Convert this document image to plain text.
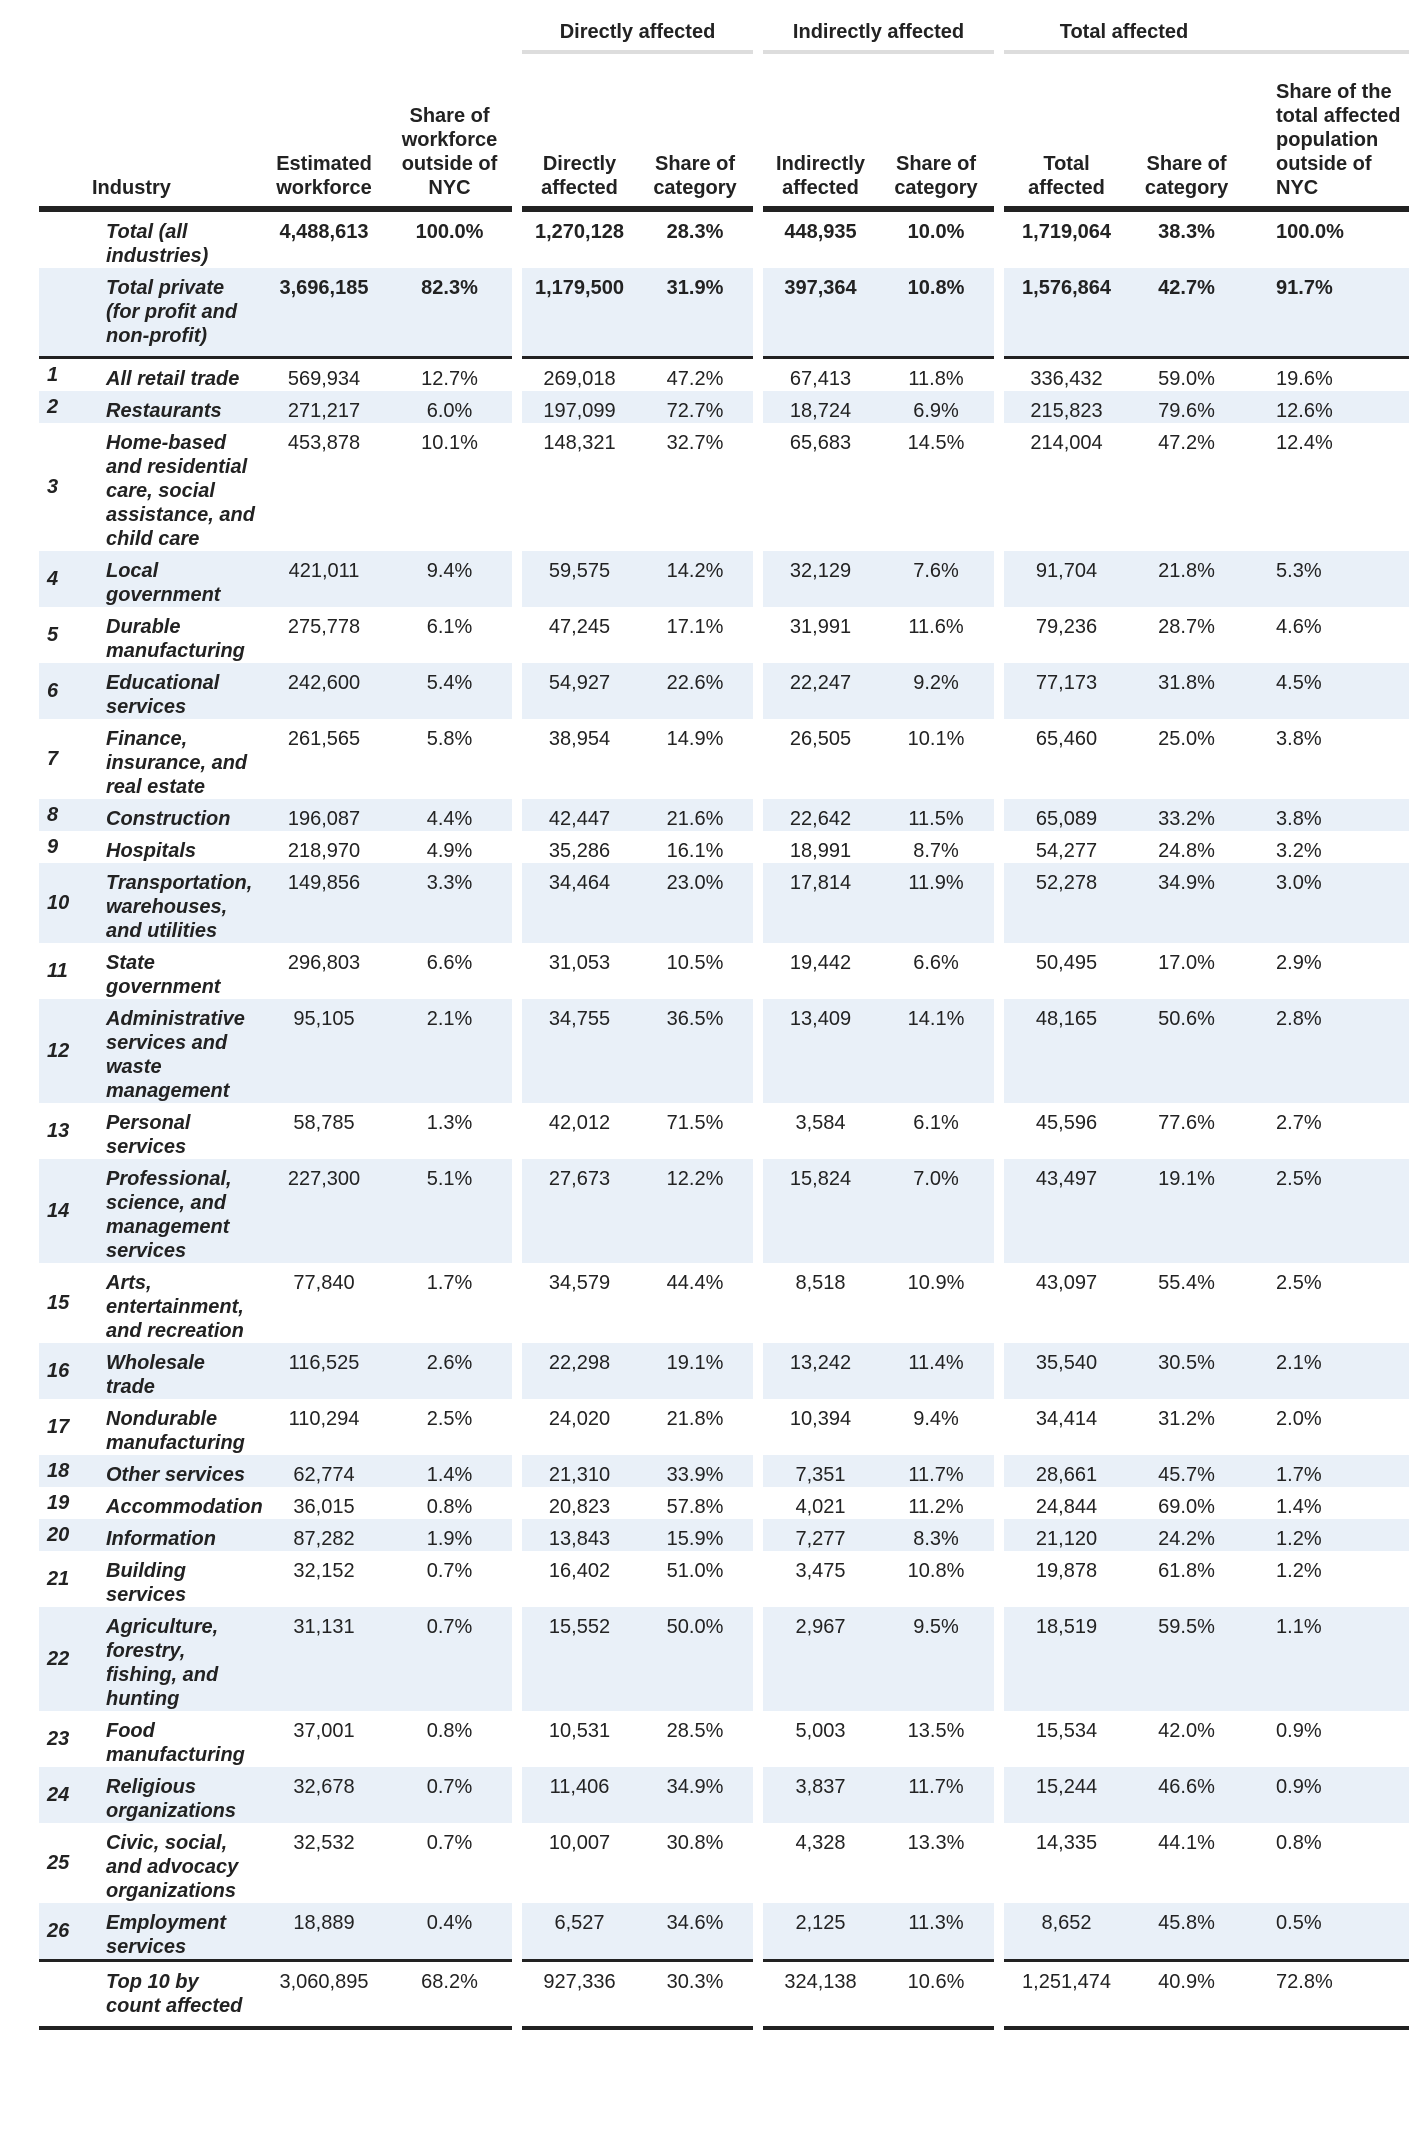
					Directly affected			Indirectly affected			Total affected		
	Industry	Estimated workforce	Share of workforce outside of NYC		Directly affected	Share of category		Indirectly affected	Share of category		Total affected	Share of category	Share of the total affected population outside of NYC
	Total (all industries)	4,488,613	100.0%		1,270,128	28.3%		448,935	10.0%		1,719,064	38.3%	100.0%
	Total private (for profit and non-profit)	3,696,185	82.3%		1,179,500	31.9%		397,364	10.8%		1,576,864	42.7%	91.7%
1	All retail trade	569,934	12.7%		269,018	47.2%		67,413	11.8%		336,432	59.0%	19.6%
2	Restaurants	271,217	6.0%		197,099	72.7%		18,724	6.9%		215,823	79.6%	12.6%
3	Home-based and residential care, social assistance, and child care	453,878	10.1%		148,321	32.7%		65,683	14.5%		214,004	47.2%	12.4%
4	Local government	421,011	9.4%		59,575	14.2%		32,129	7.6%		91,704	21.8%	5.3%
5	Durable manufacturing	275,778	6.1%		47,245	17.1%		31,991	11.6%		79,236	28.7%	4.6%
6	Educational services	242,600	5.4%		54,927	22.6%		22,247	9.2%		77,173	31.8%	4.5%
7	Finance, insurance, and real estate	261,565	5.8%		38,954	14.9%		26,505	10.1%		65,460	25.0%	3.8%
8	Construction	196,087	4.4%		42,447	21.6%		22,642	11.5%		65,089	33.2%	3.8%
9	Hospitals	218,970	4.9%		35,286	16.1%		18,991	8.7%		54,277	24.8%	3.2%
10	Transportation, warehouses, and utilities	149,856	3.3%		34,464	23.0%		17,814	11.9%		52,278	34.9%	3.0%
11	State government	296,803	6.6%		31,053	10.5%		19,442	6.6%		50,495	17.0%	2.9%
12	Administrative services and waste management	95,105	2.1%		34,755	36.5%		13,409	14.1%		48,165	50.6%	2.8%
13	Personal services	58,785	1.3%		42,012	71.5%		3,584	6.1%		45,596	77.6%	2.7%
14	Professional, science, and management services	227,300	5.1%		27,673	12.2%		15,824	7.0%		43,497	19.1%	2.5%
15	Arts, entertainment, and recreation	77,840	1.7%		34,579	44.4%		8,518	10.9%		43,097	55.4%	2.5%
16	Wholesale trade	116,525	2.6%		22,298	19.1%		13,242	11.4%		35,540	30.5%	2.1%
17	Nondurable manufacturing	110,294	2.5%		24,020	21.8%		10,394	9.4%		34,414	31.2%	2.0%
18	Other services	62,774	1.4%		21,310	33.9%		7,351	11.7%		28,661	45.7%	1.7%
19	Accommodation	36,015	0.8%		20,823	57.8%		4,021	11.2%		24,844	69.0%	1.4%
20	Information	87,282	1.9%		13,843	15.9%		7,277	8.3%		21,120	24.2%	1.2%
21	Building services	32,152	0.7%		16,402	51.0%		3,475	10.8%		19,878	61.8%	1.2%
22	Agriculture, forestry, fishing, and hunting	31,131	0.7%		15,552	50.0%		2,967	9.5%		18,519	59.5%	1.1%
23	Food manufacturing	37,001	0.8%		10,531	28.5%		5,003	13.5%		15,534	42.0%	0.9%
24	Religious organizations	32,678	0.7%		11,406	34.9%		3,837	11.7%		15,244	46.6%	0.9%
25	Civic, social, and advocacy organizations	32,532	0.7%		10,007	30.8%		4,328	13.3%		14,335	44.1%	0.8%
26	Employment services	18,889	0.4%		6,527	34.6%		2,125	11.3%		8,652	45.8%	0.5%
	Top 10 by count affected	3,060,895	68.2%		927,336	30.3%		324,138	10.6%		1,251,474	40.9%	72.8%
